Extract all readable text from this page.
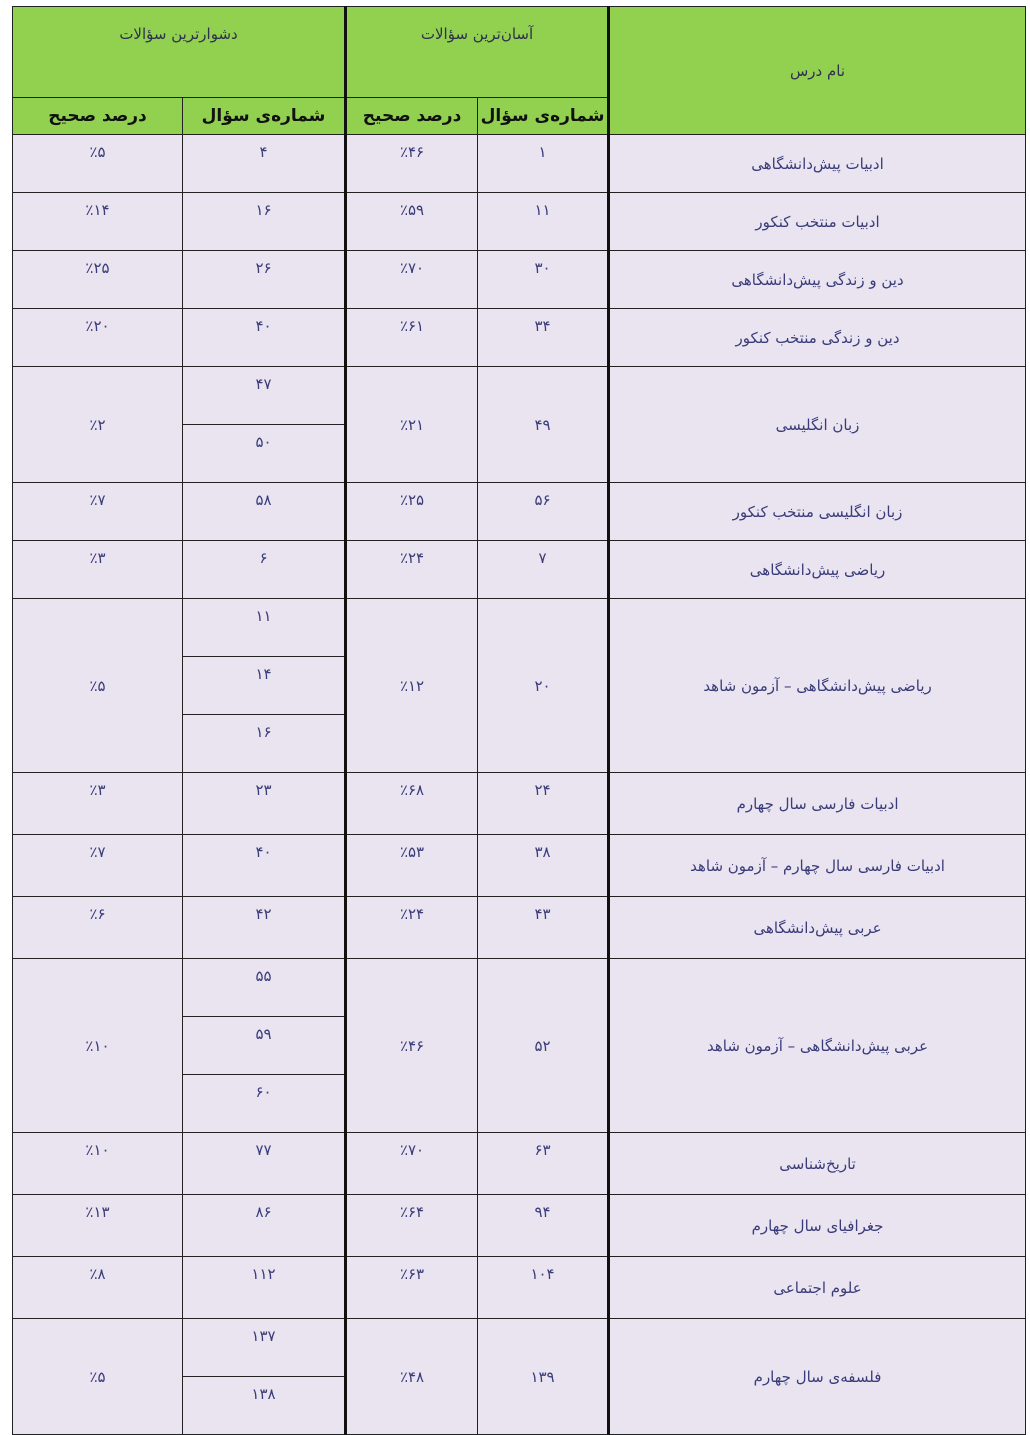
نام درس	آسان‌ترین سؤالات		دشوارترین سؤالات	
	شماره‌ی سؤال	درصد صحیح	شماره‌ی سؤال	درصد صحیح
ادبیات پیش‌دانشگاهی	۱	٪۴۶	۴	٪۵
ادبیات منتخب کنکور	۱۱	٪۵۹	۱۶	٪۱۴
دین و زندگی پیش‌دانشگاهی	۳۰	٪۷۰	۲۶	٪۲۵
دین و زندگی منتخب کنکور	۳۴	٪۶۱	۴۰	٪۲۰
زبان انگلیسی	۴۹	٪۲۱	۴۷	٪۲
			۵۰	
زبان انگلیسی منتخب کنکور	۵۶	٪۲۵	۵۸	٪۷
ریاضی پیش‌دانشگاهی	۷	٪۲۴	۶	٪۳
ریاضی پیش‌دانشگاهی – آزمون شاهد	۲۰	٪۱۲	۱۱	٪۵
			۱۴	
			۱۶	
ادبیات فارسی سال چهارم	۲۴	٪۶۸	۲۳	٪۳
ادبیات فارسی سال چهارم – آزمون شاهد	۳۸	٪۵۳	۴۰	٪۷
عربی پیش‌دانشگاهی	۴۳	٪۲۴	۴۲	٪۶
عربی پیش‌دانشگاهی – آزمون شاهد	۵۲	٪۴۶	۵۵	٪۱۰
			۵۹	
			۶۰	
تاریخ‌شناسی	۶۳	٪۷۰	۷۷	٪۱۰
جغرافیای سال چهارم	۹۴	٪۶۴	۸۶	٪۱۳
علوم اجتماعی	۱۰۴	٪۶۳	۱۱۲	٪۸
فلسفه‌ی سال چهارم	۱۳۹	٪۴۸	۱۳۷	٪۵
			۱۳۸	
